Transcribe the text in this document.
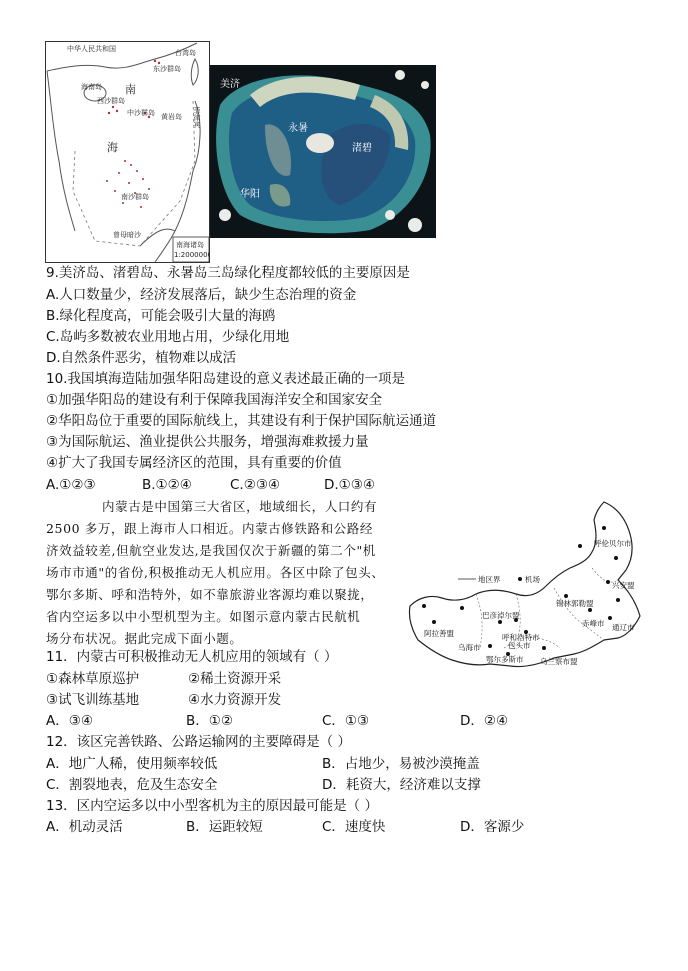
中华人民共和国	台湾岛
海南岛
西沙群岛
东沙群岛
中沙群岛 黄岩岛 菲律宾
南沙群岛
曾母暗沙
南
海
南海诸岛
1:2000000
美济
永暑
渚碧
华阳
9.美济岛、渚碧岛、永暑岛三岛绿化程度都较低的主要原因是
A.人口数量少，经济发展落后，缺少生态治理的资金
B.绿化程度高，可能会吸引大量的海鸥
C.岛屿多数被农业用地占用，少绿化用地
D.自然条件恶劣，植物难以成活
10.我国填海造陆加强华阳岛建设的意义表述最正确的一项是
①加强华阳岛的建设有利于保障我国海洋安全和国家安全
②华阳岛位于重要的国际航线上，其建设有利于保护国际航运通道
③为国际航运、渔业提供公共服务，增强海难救援力量
④扩大了我国专属经济区的范围，具有重要的价值
A.①②③	B.①②④	C.②③④	D.①③④
内蒙古是中国第三大省区，地域细长，人口约有
2500 多万，跟上海市人口相近。内蒙古修铁路和公路经
济效益较差,但航空业发达,是我国仅次于新疆的第二个"机
场市市通"的省份,积极推动无人机应用。各区中除了包头、
鄂尔多斯、呼和浩特外，如不靠旅游业客源均难以聚拢，
省内空运多以中小型机型为主。如图示意内蒙古民航机
场分布状况。据此完成下面小题。
地区界	机场
呼伦贝尔市
兴安盟
锡林郭勒盟
赤峰市 通辽市
巴彦淖尔盟
呼和浩特市
包头市
乌海市
阿拉善盟
鄂尔多斯市 乌兰察布盟
11．内蒙古可积极推动无人机应用的领域有（ ）
①森林草原巡护	②稀土资源开采
③试飞训练基地	④水力资源开发
A．③④	B．①②	C．①③	D．②④
12．该区完善铁路、公路运输网的主要障碍是（ ）
A．地广人稀，使用频率较低	B．占地少，易被沙漠掩盖
C．割裂地表，危及生态安全	D．耗资大，经济难以支撑
13．区内空运多以中小型客机为主的原因最可能是（ ）
A．机动灵活	B．运距较短	C．速度快	D．客源少
